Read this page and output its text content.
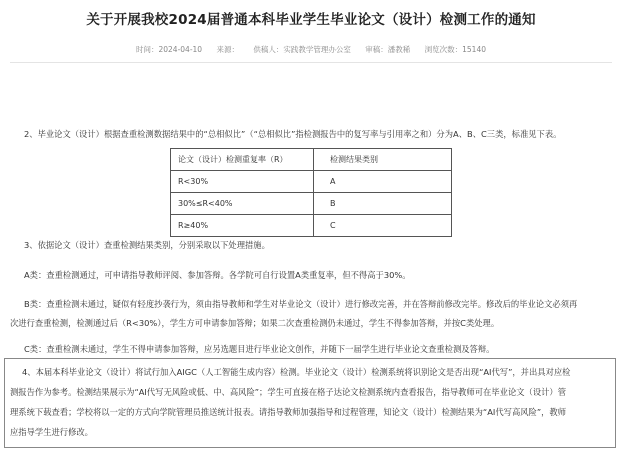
关于开展我校2024届普通本科毕业学生毕业论文（设计）检测工作的通知
时间：2024-04-10 来源： 供稿人：实践教学管理办公室 审稿：潘教稀 浏览次数：15140
2、毕业论文（设计）根据查重检测数据结果中的“总相似比”（“总相似比”指检测报告中的复写率与引用率之和）分为A、B、C三类，标准见下表。
论文（设计）检测重复率（R）	检测结果类别
R<30%	A
30%≤R<40%	B
R≥40%	C
3、依据论文（设计）查重检测结果类别，分别采取以下处理措施。
A类：查重检测通过，可申请指导教师评阅、参加答辩。各学院可自行设置A类重复率，但不得高于30%。
B类：查重检测未通过，疑似有轻度抄袭行为，须由指导教师和学生对毕业论文（设计）进行修改完善，并在答辩前修改完毕。修改后的毕业论文必须再
次进行查重检测，检测通过后（R<30%），学生方可申请参加答辩；如果二次查重检测仍未通过，学生不得参加答辩，并按C类处理。
C类：查重检测未通过，学生不得申请参加答辩，应另选题目进行毕业论文创作，并随下一届学生进行毕业论文查重检测及答辩。
4、本届本科毕业论文（设计）将试行加入AIGC（人工智能生成内容）检测。毕业论文（设计）检测系统将识别论文是否出现“AI代写”，并出具对应检
测报告作为参考。检测结果展示为“AI代写无风险或低、中、高风险”；学生可直接在格子达论文检测系统内查看报告，指导教师可在毕业论文（设计）管
理系统下载查看；学校将以一定的方式向学院管理员推送统计报表。请指导教师加强指导和过程管理，知论文（设计）检测结果为“AI代写高风险”，教师
应指导学生进行修改。
